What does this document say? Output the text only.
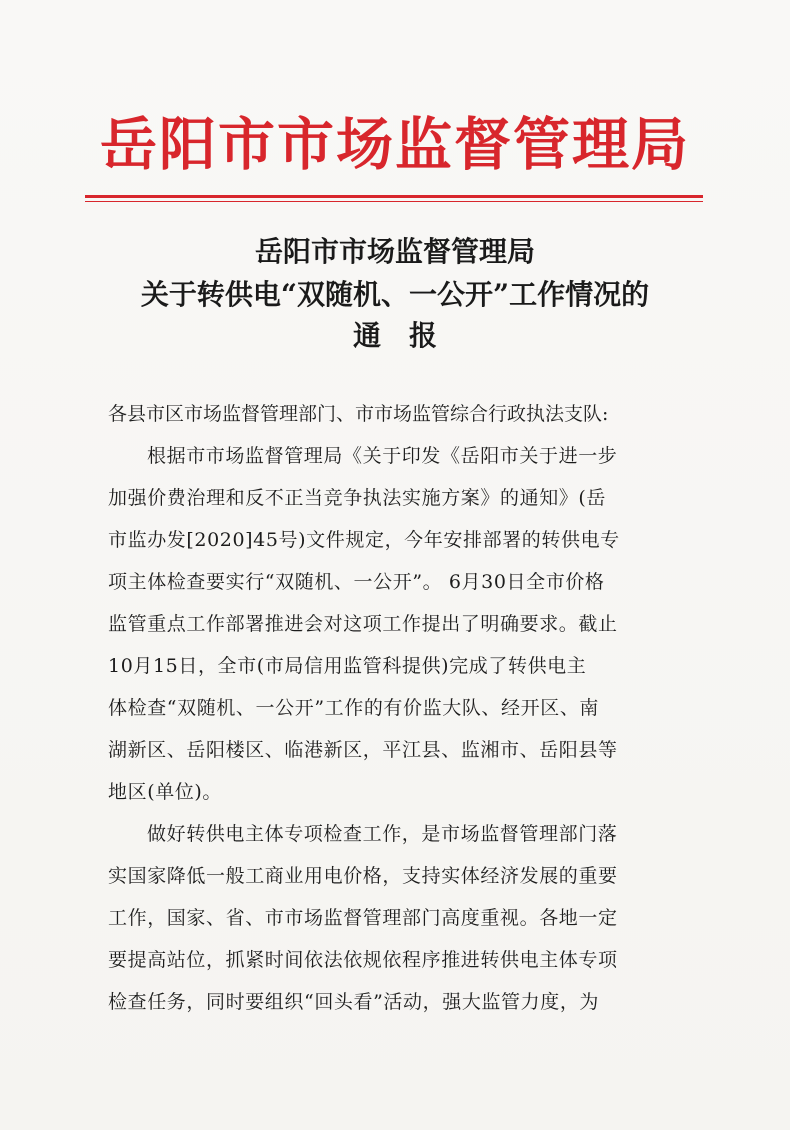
岳阳市市场监督管理局
岳阳市市场监督管理局
关于转供电“双随机、一公开”工作情况的
通报
各县市区市场监督管理部门、市市场监管综合行政执法支队:
根据市市场监督管理局《关于印发《岳阳市关于进一步
加强价费治理和反不正当竞争执法实施方案》的通知》(岳
市监办发[2020]45号)文件规定，今年安排部署的转供电专
项主体检查要实行“双随机、一公开”。 6月30日全市价格
监管重点工作部署推进会对这项工作提出了明确要求。截止
10月15日，全市(市局信用监管科提供)完成了转供电主
体检查“双随机、一公开”工作的有价监大队、经开区、南
湖新区、岳阳楼区、临港新区，平江县、监湘市、岳阳县等
地区(单位)。
做好转供电主体专项检查工作，是市场监督管理部门落
实国家降低一般工商业用电价格，支持实体经济发展的重要
工作，国家、省、市市场监督管理部门高度重视。各地一定
要提高站位，抓紧时间依法依规依程序推进转供电主体专项
检查任务，同时要组织“回头看”活动，强大监管力度，为
